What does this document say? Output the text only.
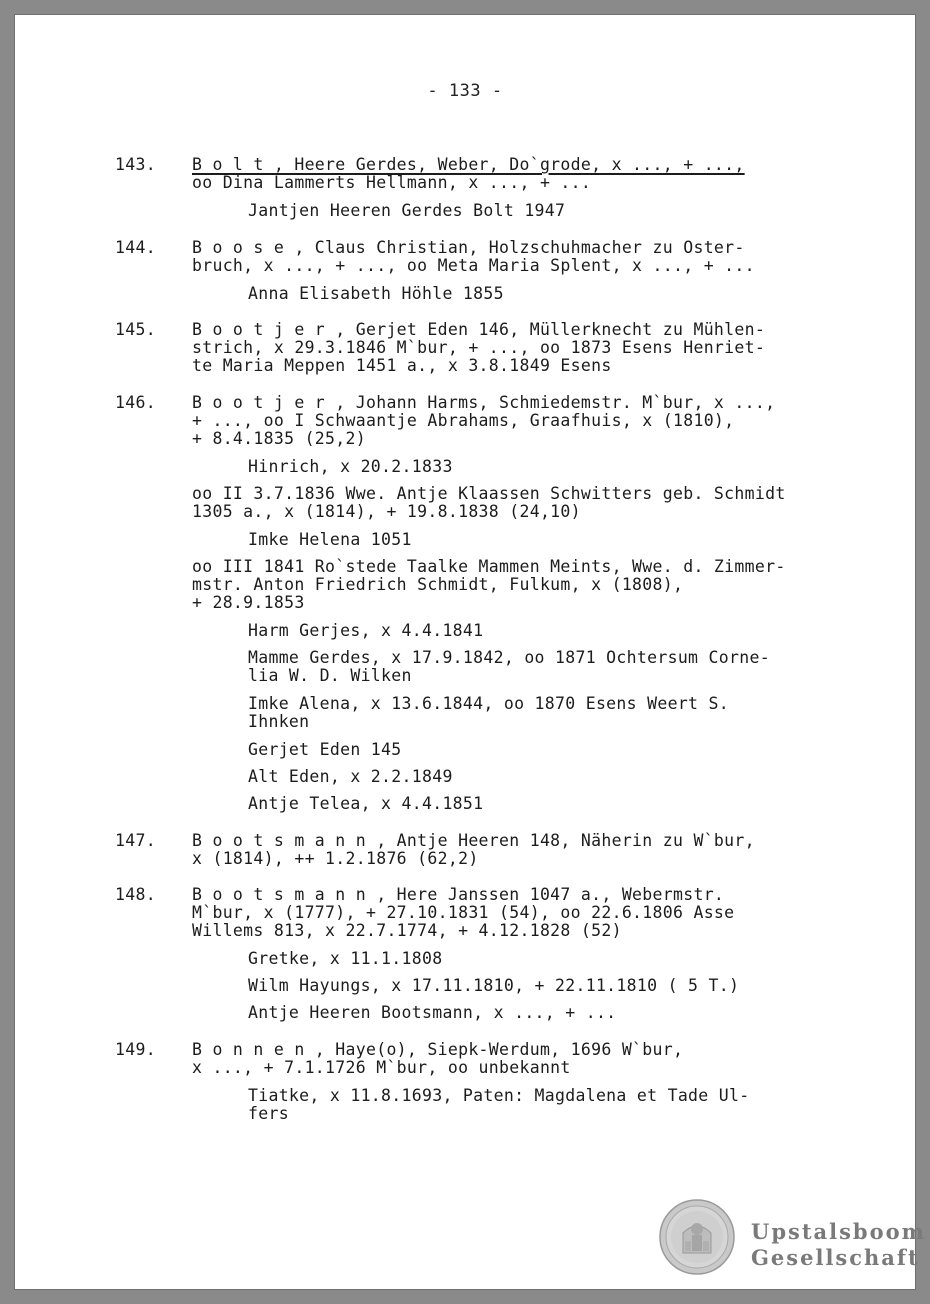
- 133 -
143. B o l t , Heere Gerdes, Weber, Do`grode, x ..., + ...,
oo Dina Lammerts Hellmann, x ..., + ...
Jantjen Heeren Gerdes Bolt 1947
144. B o o s e , Claus Christian, Holzschuhmacher zu Oster-
bruch, x ..., + ..., oo Meta Maria Splent, x ..., + ...
Anna Elisabeth Höhle 1855
145. B o o t j e r , Gerjet Eden 146, Müllerknecht zu Mühlen-
strich, x 29.3.1846 M`bur, + ..., oo 1873 Esens Henriet-
te Maria Meppen 1451 a., x 3.8.1849 Esens
146. B o o t j e r , Johann Harms, Schmiedemstr. M`bur, x ...,
+ ..., oo I Schwaantje Abrahams, Graafhuis, x (1810),
+ 8.4.1835 (25,2)
Hinrich, x 20.2.1833
oo II 3.7.1836 Wwe. Antje Klaassen Schwitters geb. Schmidt
1305 a., x (1814), + 19.8.1838 (24,10)
Imke Helena 1051
oo III 1841 Ro`stede Taalke Mammen Meints, Wwe. d. Zimmer-
mstr. Anton Friedrich Schmidt, Fulkum, x (1808),
+ 28.9.1853
Harm Gerjes, x 4.4.1841
Mamme Gerdes, x 17.9.1842, oo 1871 Ochtersum Corne-
lia W. D. Wilken
Imke Alena, x 13.6.1844, oo 1870 Esens Weert S.
Ihnken
Gerjet Eden 145
Alt Eden, x 2.2.1849
Antje Telea, x 4.4.1851
147. B o o t s m a n n , Antje Heeren 148, Näherin zu W`bur,
x (1814), ++ 1.2.1876 (62,2)
148. B o o t s m a n n , Here Janssen 1047 a., Webermstr.
M`bur, x (1777), + 27.10.1831 (54), oo 22.6.1806 Asse
Willems 813, x 22.7.1774, + 4.12.1828 (52)
Gretke, x 11.1.1808
Wilm Hayungs, x 17.11.1810, + 22.11.1810 ( 5 T.)
Antje Heeren Bootsmann, x ..., + ...
149. B o n n e n , Haye(o), Siepk-Werdum, 1696 W`bur,
x ..., + 7.1.1726 M`bur, oo unbekannt
Tiatke, x 11.8.1693, Paten: Magdalena et Tade Ul-
fers
Upstalsboom
Gesellschaft
